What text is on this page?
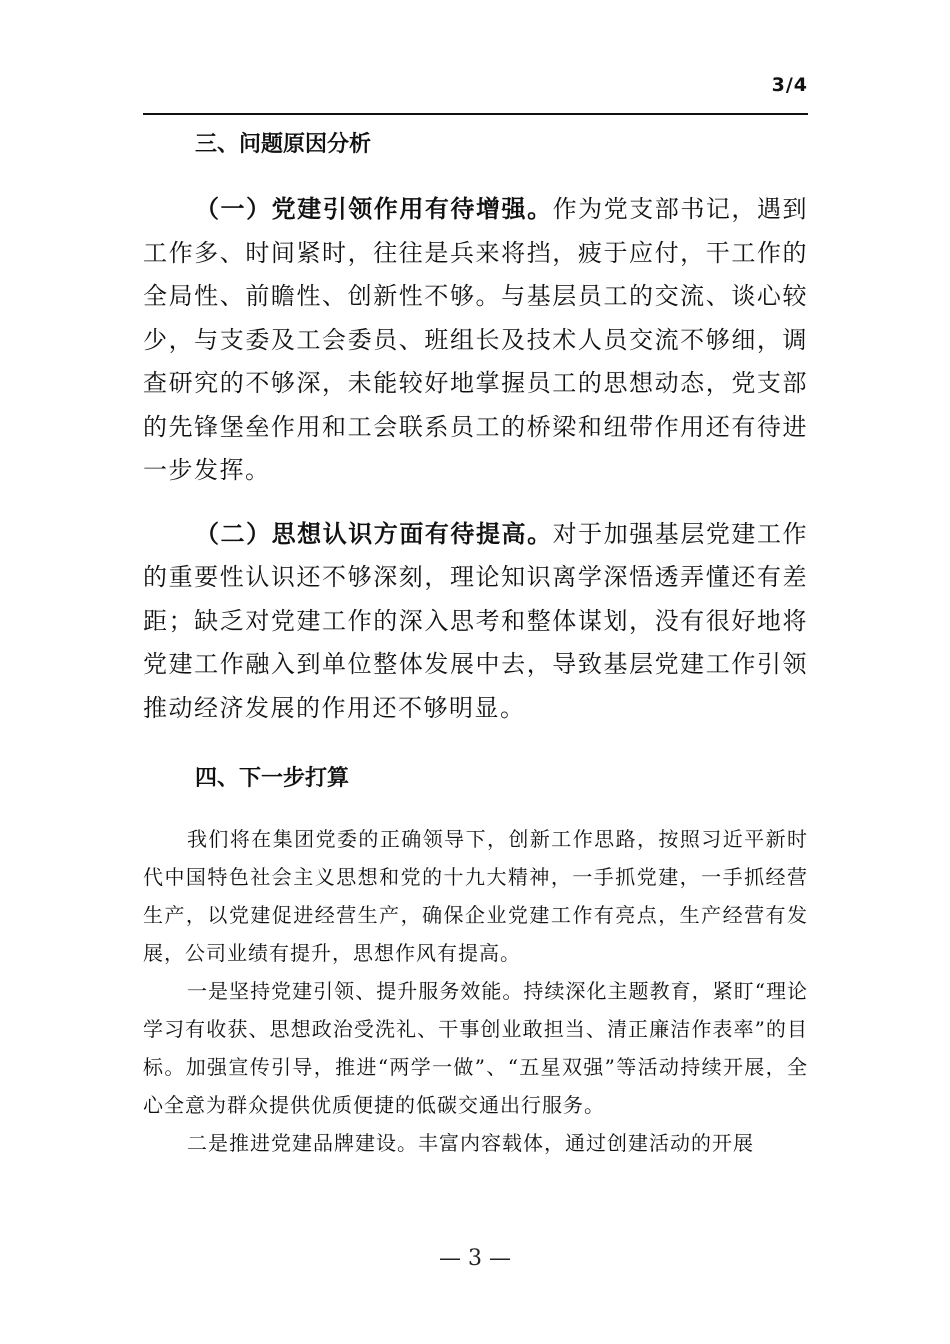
3/4
三、问题原因分析

（一）党建引领作用有待增强。作为党支部书记，遇到工作多、时间紧时，往往是兵来将挡，疲于应付，干工作的全局性、前瞻性、创新性不够。与基层员工的交流、谈心较少，与支委及工会委员、班组长及技术人员交流不够细，调查研究的不够深，未能较好地掌握员工的思想动态，党支部的先锋堡垒作用和工会联系员工的桥梁和纽带作用还有待进一步发挥。

（二）思想认识方面有待提高。对于加强基层党建工作的重要性认识还不够深刻，理论知识离学深悟透弄懂还有差距；缺乏对党建工作的深入思考和整体谋划，没有很好地将党建工作融入到单位整体发展中去，导致基层党建工作引领推动经济发展的作用还不够明显。

四、下一步打算

我们将在集团党委的正确领导下，创新工作思路，按照习近平新时代中国特色社会主义思想和党的十九大精神，一手抓党建，一手抓经营生产，以党建促进经营生产，确保企业党建工作有亮点，生产经营有发展，公司业绩有提升，思想作风有提高。

一是坚持党建引领、提升服务效能。持续深化主题教育，紧盯“理论学习有收获、思想政治受洗礼、干事创业敢担当、清正廉洁作表率”的目标。加强宣传引导，推进“两学一做”、“五星双强”等活动持续开展，全心全意为群众提供优质便捷的低碳交通出行服务。

二是推进党建品牌建设。丰富内容载体，通过创建活动的开展

— 3 —
